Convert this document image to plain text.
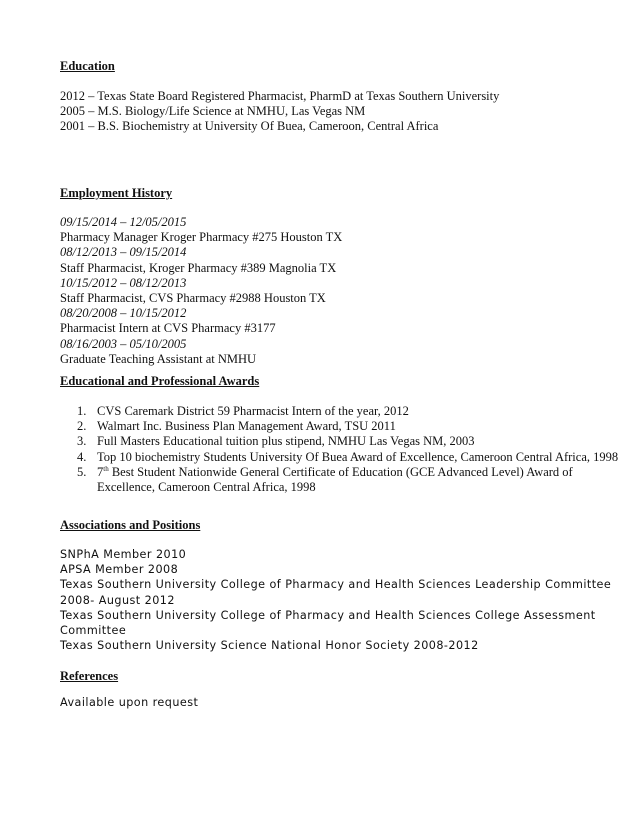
Education
2012 – Texas State Board Registered Pharmacist, PharmD at Texas Southern University
2005 – M.S. Biology/Life Science at NMHU, Las Vegas NM
2001 – B.S. Biochemistry at University Of Buea, Cameroon, Central Africa
Employment History
09/15/2014 – 12/05/2015
Pharmacy Manager Kroger Pharmacy #275 Houston TX
08/12/2013 – 09/15/2014
Staff Pharmacist, Kroger Pharmacy #389 Magnolia TX
10/15/2012 – 08/12/2013
Staff Pharmacist, CVS Pharmacy #2988 Houston TX
08/20/2008 – 10/15/2012
Pharmacist Intern at CVS Pharmacy #3177
08/16/2003 – 05/10/2005
Graduate Teaching Assistant at NMHU
Educational and Professional Awards
1. CVS Caremark District 59 Pharmacist Intern of the year, 2012
2. Walmart Inc. Business Plan Management Award, TSU 2011
3. Full Masters Educational tuition plus stipend, NMHU Las Vegas NM, 2003
4. Top 10 biochemistry Students University Of Buea Award of Excellence, Cameroon Central Africa, 1998
5. 7th Best Student Nationwide General Certificate of Education (GCE Advanced Level) Award of Excellence, Cameroon Central Africa, 1998
Associations and Positions
SNPhA Member 2010
APSA Member 2008
Texas Southern University College of Pharmacy and Health Sciences Leadership Committee
2008- August 2012
Texas Southern University College of Pharmacy and Health Sciences College Assessment
Committee
Texas Southern University Science National Honor Society 2008-2012
References
Available upon request
